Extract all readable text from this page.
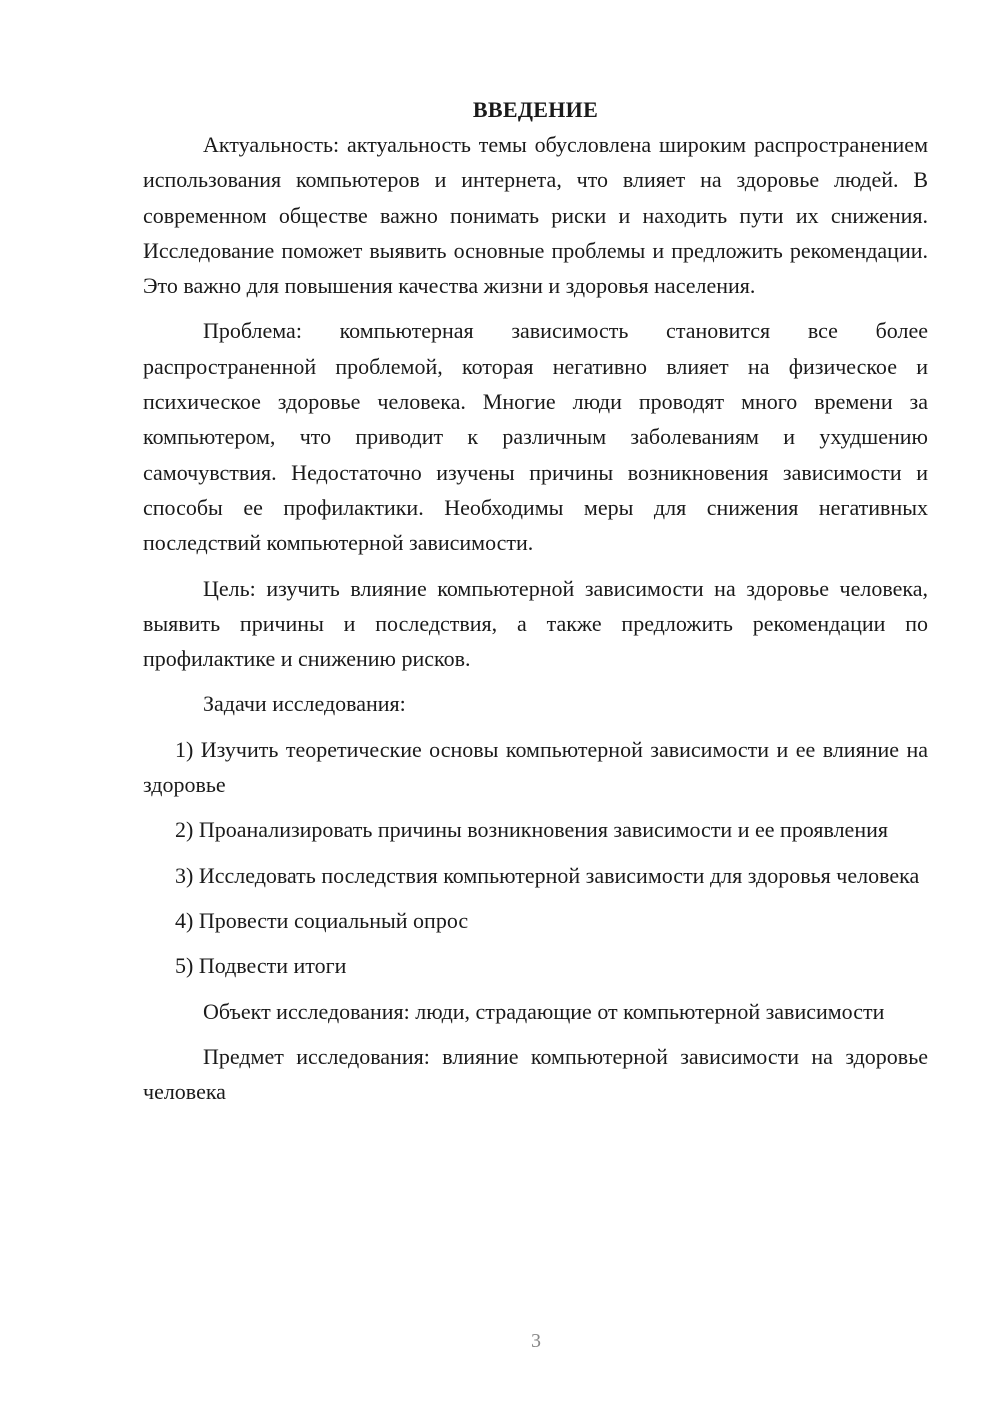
ВВЕДЕНИЕ

Актуальность: актуальность темы обусловлена широким распространением использования компьютеров и интернета, что влияет на здоровье людей. В современном обществе важно понимать риски и находить пути их снижения. Исследование поможет выявить основные проблемы и предложить рекомендации. Это важно для повышения качества жизни и здоровья населения.

Проблема: компьютерная зависимость становится все более распространенной проблемой, которая негативно влияет на физическое и психическое здоровье человека. Многие люди проводят много времени за компьютером, что приводит к различным заболеваниям и ухудшению самочувствия. Недостаточно изучены причины возникновения зависимости и способы ее профилактики. Необходимы меры для снижения негативных последствий компьютерной зависимости.

Цель: изучить влияние компьютерной зависимости на здоровье человека, выявить причины и последствия, а также предложить рекомендации по профилактике и снижению рисков.

Задачи исследования:

1) Изучить теоретические основы компьютерной зависимости и ее влияние на здоровье

2) Проанализировать причины возникновения зависимости и ее проявления

3) Исследовать последствия компьютерной зависимости для здоровья человека

4) Провести социальный опрос

5) Подвести итоги

Объект исследования: люди, страдающие от компьютерной зависимости

Предмет исследования: влияние компьютерной зависимости на здоровье человека

3
